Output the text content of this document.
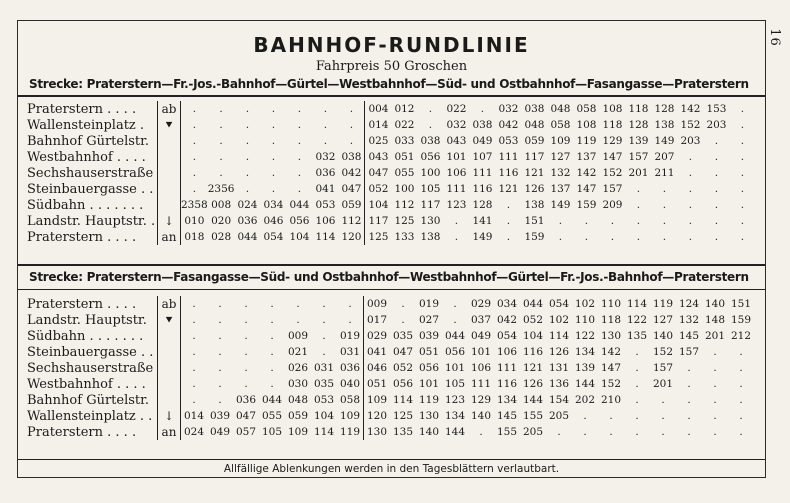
16
BAHNHOF-RUNDLINIE
Fahrpreis 50 Groschen
Strecke: Praterstern—Fr.-Jos.-Bahnhof—Gürtel—Westbahnhof—Süd- und Ostbahnhof—Fasangasse—Praterstern
Praterstern . . . .	ab	.	.	.	.	.	.	.	004	012	.	022	.	032	038	048	058	108	118	128	142	153	.
Wallensteinplatz .	⯆	.	.	.	.	.	.	.	014	022	.	032	038	042	048	058	108	118	128	138	152	203	.
Bahnhof Gürtelstr.		.	.	.	.	.	.	.	025	033	038	043	049	053	059	109	119	129	139	149	203	.	.
Westbahnhof . . . .		.	.	.	.	.	032	038	043	051	056	101	107	111	117	127	137	147	157	207	.	.	.
Sechshauserstraße		.	.	.	.	.	036	042	047	055	100	106	111	116	121	132	142	152	201	211	.	.	.
Steinbauergasse . .		.	2356	.	.	.	041	047	052	100	105	111	116	121	126	137	147	157	.	.	.	.	.
Südbahn . . . . . . .		2358	008	024	034	044	053	059	104	112	117	123	128	.	138	149	159	209	.	.	.	.	.
Landstr. Hauptstr. .	↓	010	020	036	046	056	106	112	117	125	130	.	141	.	151	.	.	.	.	.	.	.	.
Praterstern . . . .	an	018	028	044	054	104	114	120	125	133	138	.	149	.	159	.	.	.	.	.	.	.	.
Strecke: Praterstern—Fasangasse—Süd- und Ostbahnhof—Westbahnhof—Gürtel—Fr.-Jos.-Bahnhof—Praterstern
Praterstern . . . .	ab	.	.	.	.	.	.	.	009	.	019	.	029	034	044	054	102	110	114	119	124	140	151
Landstr. Hauptstr.	⯆	.	.	.	.	.	.	.	017	.	027	.	037	042	052	102	110	118	122	127	132	148	159
Südbahn . . . . . . .		.	.	.	.	009	.	019	029	035	039	044	049	054	104	114	122	130	135	140	145	201	212
Steinbauergasse . .		.	.	.	.	021	.	031	041	047	051	056	101	106	116	126	134	142	.	152	157	.	.
Sechshauserstraße		.	.	.	.	026	031	036	046	052	056	101	106	111	121	131	139	147	.	157	.	.	.
Westbahnhof . . . .		.	.	.	.	030	035	040	051	056	101	105	111	116	126	136	144	152	.	201	.	.	.
Bahnhof Gürtelstr.		.	.	036	044	048	053	058	109	114	119	123	129	134	144	154	202	210	.	.	.	.	.
Wallensteinplatz . .	↓	014	039	047	055	059	104	109	120	125	130	134	140	145	155	205	.	.	.	.	.	.	.
Praterstern . . . .	an	024	049	057	105	109	114	119	130	135	140	144	.	155	205	.	.	.	.	.	.	.	.
Allfällige Ablenkungen werden in den Tagesblättern verlautbart.
